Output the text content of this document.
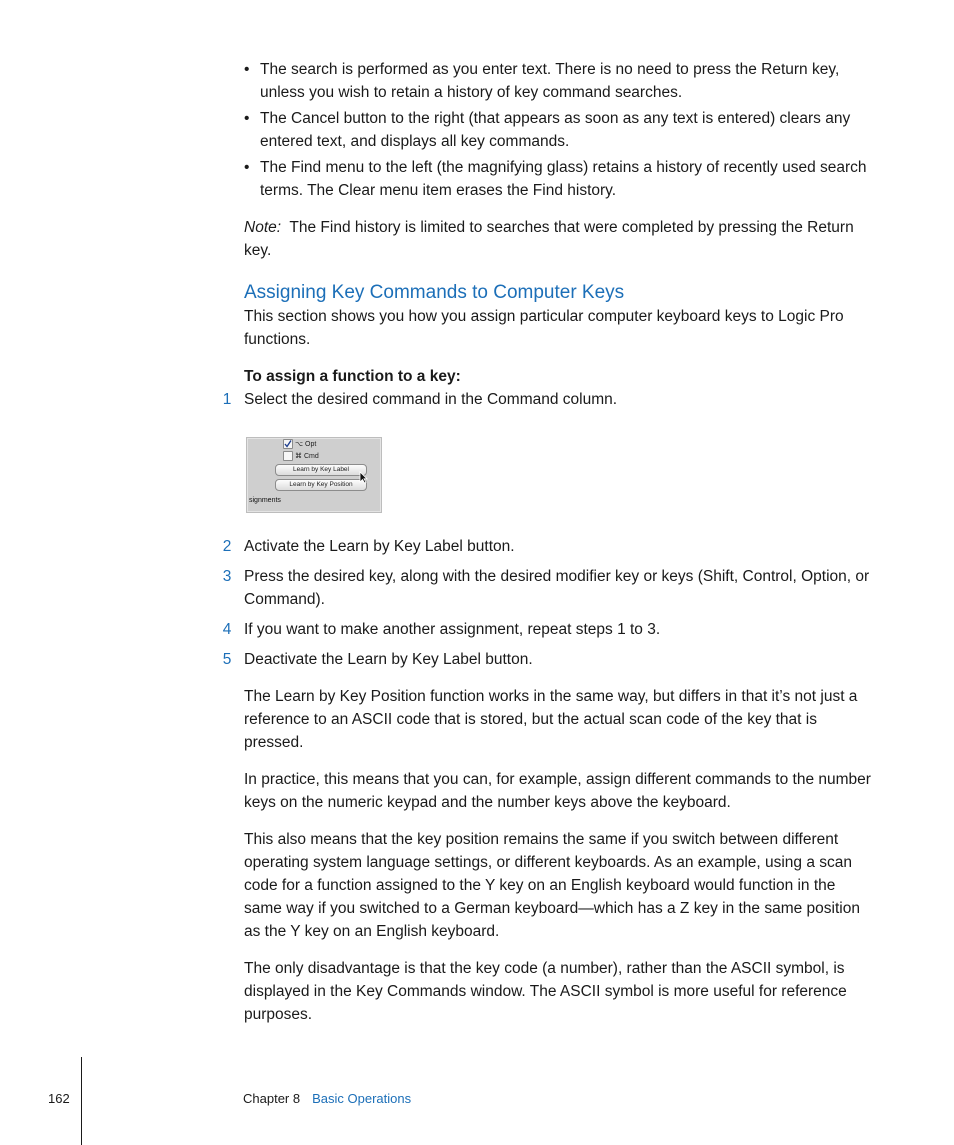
• The search is performed as you enter text. There is no need to press the Return key, unless you wish to retain a history of key command searches.
• The Cancel button to the right (that appears as soon as any text is entered) clears any entered text, and displays all key commands.
• The Find menu to the left (the magnifying glass) retains a history of recently used search terms. The Clear menu item erases the Find history.
Note: The Find history is limited to searches that were completed by pressing the Return key.
Assigning Key Commands to Computer Keys
This section shows you how you assign particular computer keyboard keys to Logic Pro functions.
To assign a function to a key:
1 Select the desired command in the Command column.
⌥ Opt
⌘ Cmd
Learn by Key Label
Learn by Key Position
signments
2 Activate the Learn by Key Label button.
3 Press the desired key, along with the desired modifier key or keys (Shift, Control, Option, or Command).
4 If you want to make another assignment, repeat steps 1 to 3.
5 Deactivate the Learn by Key Label button.
The Learn by Key Position function works in the same way, but differs in that it’s not just a reference to an ASCII code that is stored, but the actual scan code of the key that is pressed.
In practice, this means that you can, for example, assign different commands to the number keys on the numeric keypad and the number keys above the keyboard.
This also means that the key position remains the same if you switch between different operating system language settings, or different keyboards. As an example, using a scan code for a function assigned to the Y key on an English keyboard would function in the same way if you switched to a German keyboard—which has a Z key in the same position as the Y key on an English keyboard.
The only disadvantage is that the key code (a number), rather than the ASCII symbol, is displayed in the Key Commands window. The ASCII symbol is more useful for reference purposes.
162	Chapter 8 Basic Operations
